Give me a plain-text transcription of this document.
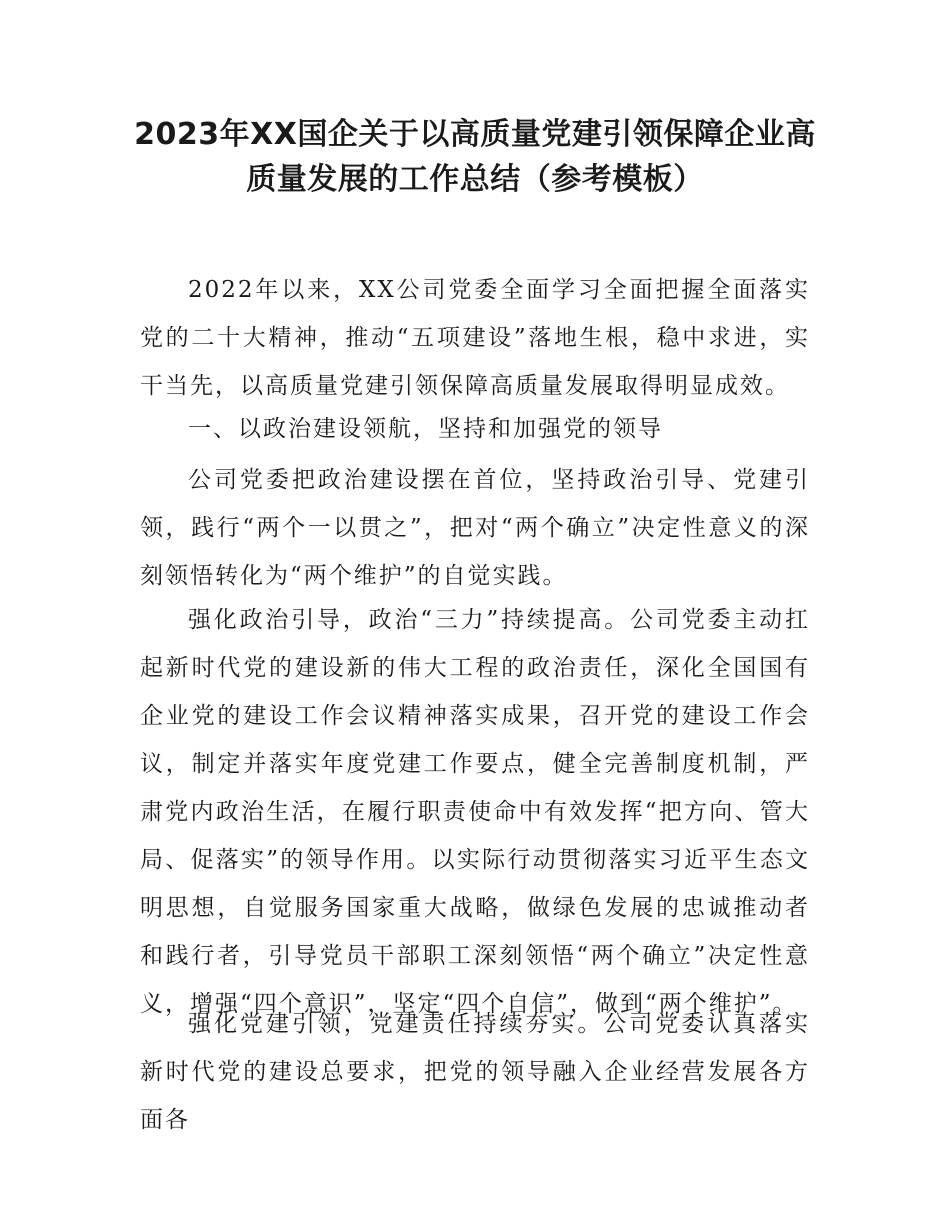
2023年XX国企关于以高质量党建引领保障企业高
质量发展的工作总结（参考模板）

2022年以来，XX公司党委全面学习全面把握全面落实党的二十大精神，推动“五项建设”落地生根，稳中求进，实干当先，以高质量党建引领保障高质量发展取得明显成效。

一、以政治建设领航，坚持和加强党的领导

公司党委把政治建设摆在首位，坚持政治引导、党建引领，践行“两个一以贯之”，把对“两个确立”决定性意义的深刻领悟转化为“两个维护”的自觉实践。

强化政治引导，政治“三力”持续提高。公司党委主动扛起新时代党的建设新的伟大工程的政治责任，深化全国国有企业党的建设工作会议精神落实成果，召开党的建设工作会议，制定并落实年度党建工作要点，健全完善制度机制，严肃党内政治生活，在履行职责使命中有效发挥“把方向、管大局、促落实”的领导作用。以实际行动贯彻落实习近平生态文明思想，自觉服务国家重大战略，做绿色发展的忠诚推动者和践行者，引导党员干部职工深刻领悟“两个确立”决定性意义，增强“四个意识”，坚定“四个自信”，做到“两个维护”。

强化党建引领，党建责任持续夯实。公司党委认真落实新时代党的建设总要求，把党的领导融入企业经营发展各方面各
